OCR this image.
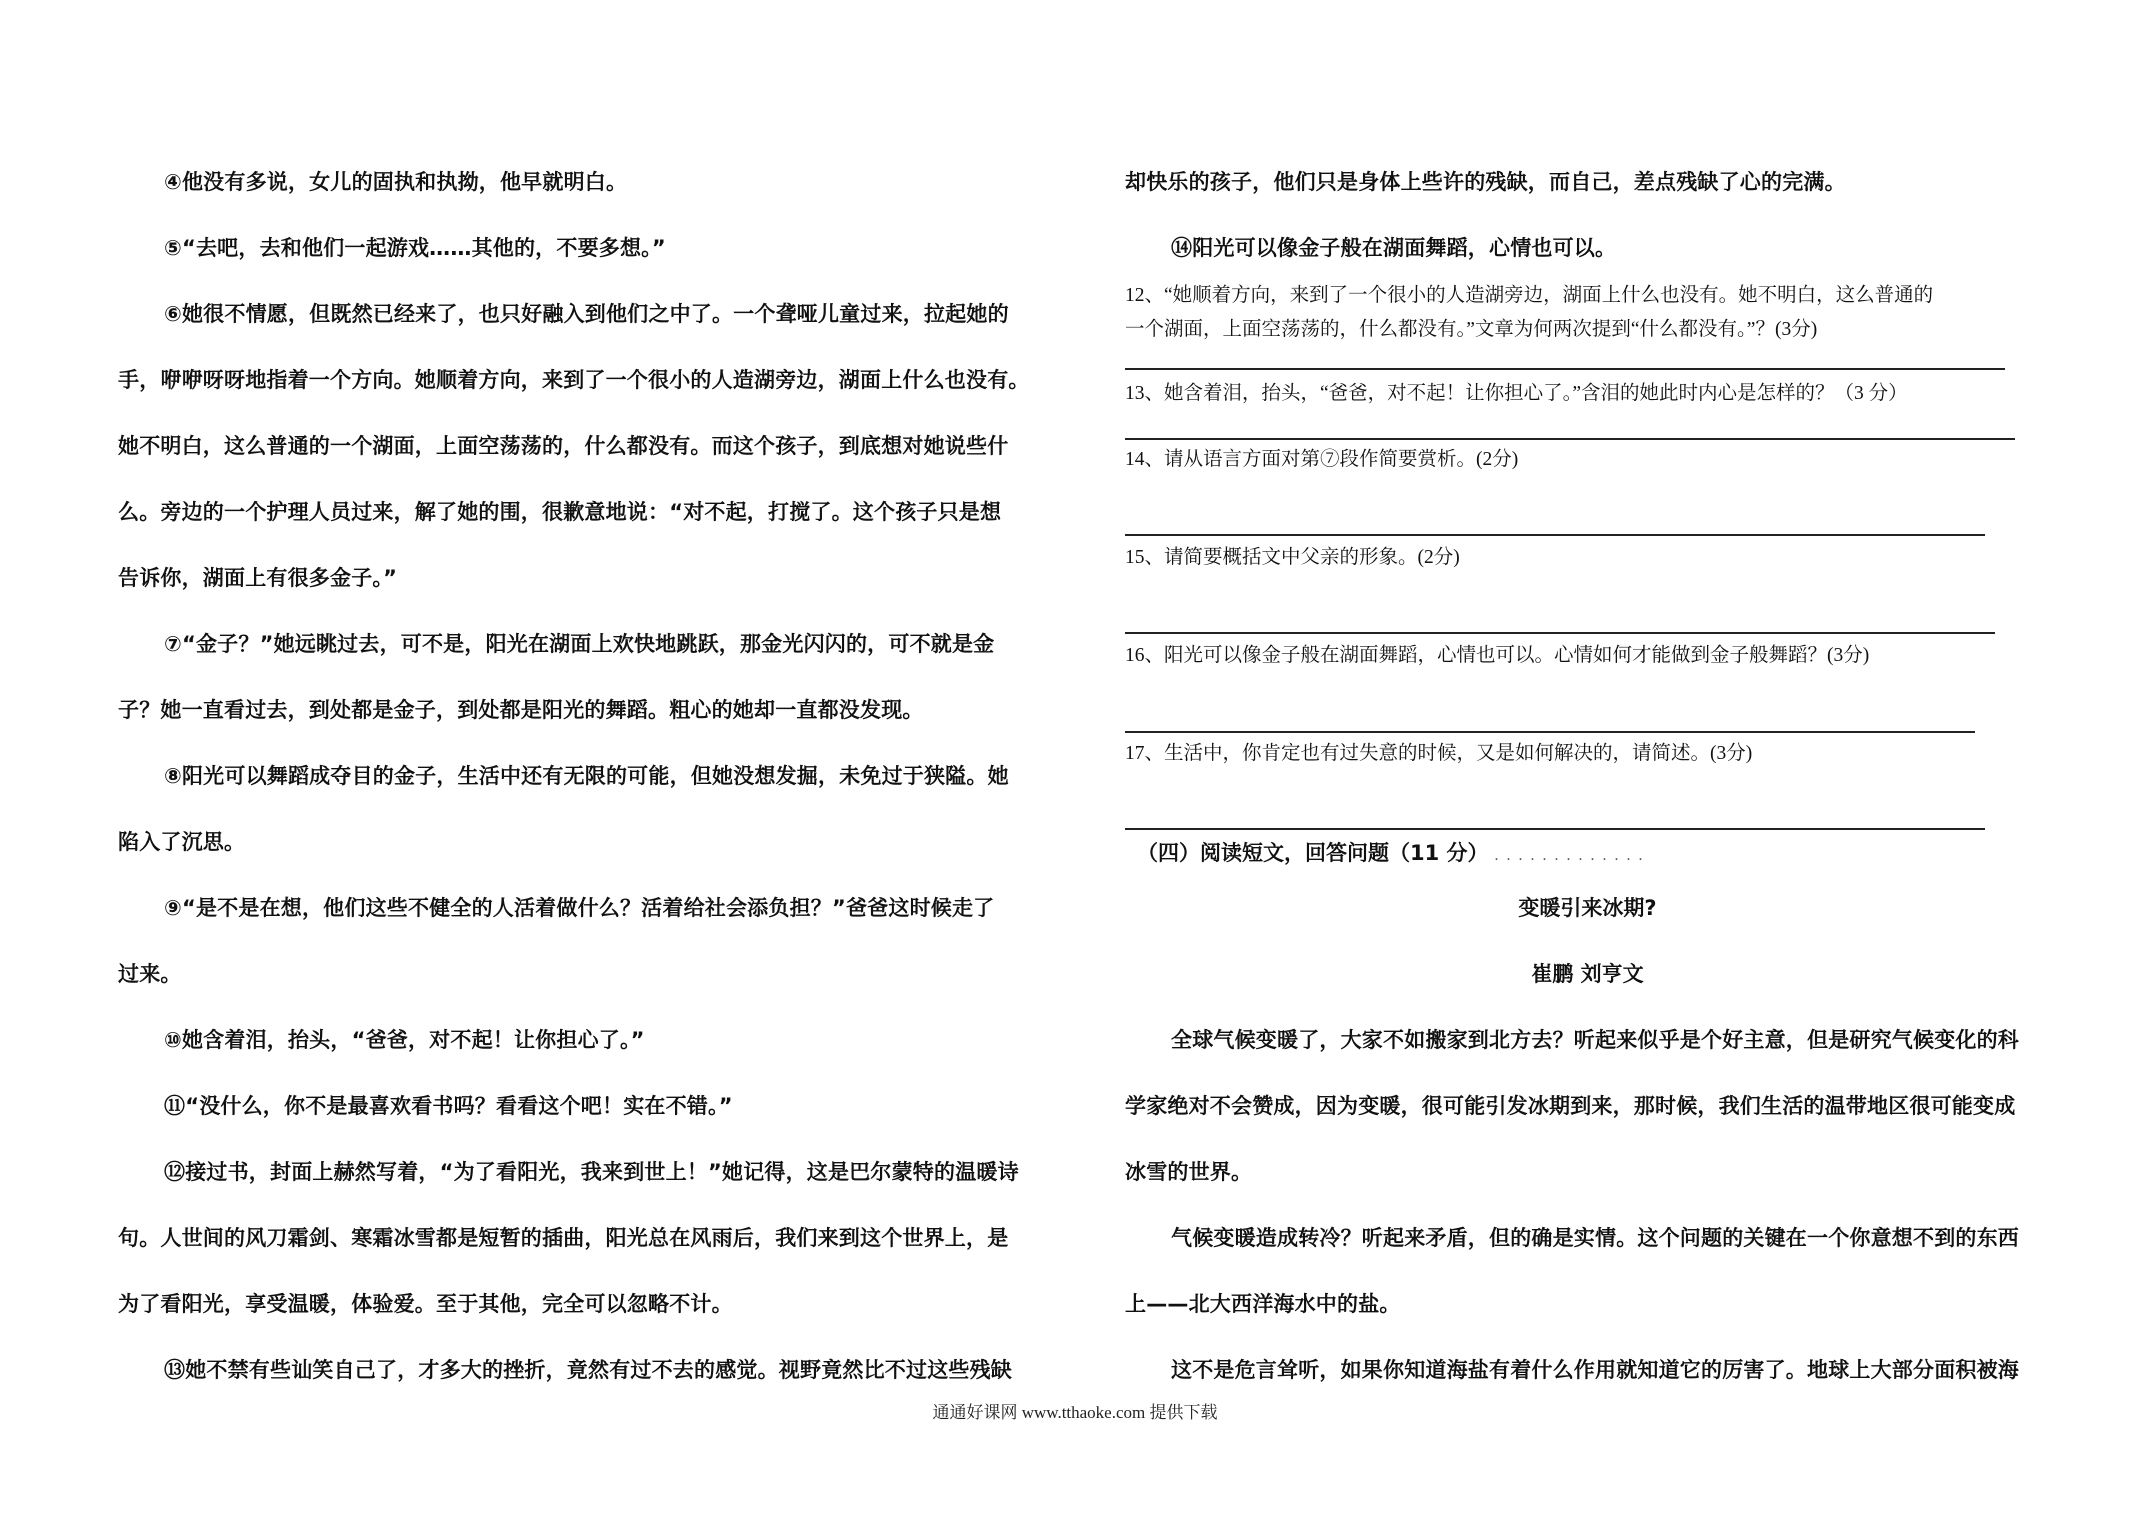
④他没有多说，女儿的固执和执拗，他早就明白。
⑤“去吧，去和他们一起游戏……其他的，不要多想。”
⑥她很不情愿，但既然已经来了，也只好融入到他们之中了。一个聋哑儿童过来，拉起她的
手，咿咿呀呀地指着一个方向。她顺着方向，来到了一个很小的人造湖旁边，湖面上什么也没有。
她不明白，这么普通的一个湖面，上面空荡荡的，什么都没有。而这个孩子，到底想对她说些什
么。旁边的一个护理人员过来，解了她的围，很歉意地说：“对不起，打搅了。这个孩子只是想
告诉你，湖面上有很多金子。”
⑦“金子？”她远眺过去，可不是，阳光在湖面上欢快地跳跃，那金光闪闪的，可不就是金
子？她一直看过去，到处都是金子，到处都是阳光的舞蹈。粗心的她却一直都没发现。
⑧阳光可以舞蹈成夺目的金子，生活中还有无限的可能，但她没想发掘，未免过于狭隘。她
陷入了沉思。
⑨“是不是在想，他们这些不健全的人活着做什么？活着给社会添负担？”爸爸这时候走了
过来。
⑩她含着泪，抬头，“爸爸，对不起！让你担心了。”
⑪“没什么，你不是最喜欢看书吗？看看这个吧！实在不错。”
⑫接过书，封面上赫然写着，“为了看阳光，我来到世上！”她记得，这是巴尔蒙特的温暖诗
句。人世间的风刀霜剑、寒霜冰雪都是短暂的插曲，阳光总在风雨后，我们来到这个世界上，是
为了看阳光，享受温暖，体验爱。至于其他，完全可以忽略不计。
⑬她不禁有些讪笑自己了，才多大的挫折，竟然有过不去的感觉。视野竟然比不过这些残缺
却快乐的孩子，他们只是身体上些许的残缺，而自己，差点残缺了心的完满。
⑭阳光可以像金子般在湖面舞蹈，心情也可以。
12、“她顺着方向，来到了一个很小的人造湖旁边，湖面上什么也没有。她不明白，这么普通的
一个湖面，上面空荡荡的，什么都没有。”文章为何两次提到“什么都没有。”？(3分)
13、她含着泪，抬头，“爸爸，对不起！让你担心了。”含泪的她此时内心是怎样的？（3 分）
14、请从语言方面对第⑦段作简要赏析。(2分)
15、请简要概括文中父亲的形象。(2分)
16、阳光可以像金子般在湖面舞蹈，心情也可以。心情如何才能做到金子般舞蹈？(3分)
17、生活中，你肯定也有过失意的时候，又是如何解决的，请简述。(3分)
（四）阅读短文，回答问题（11 分） . . . . . . . . . . . . .
变暖引来冰期?
崔鹏 刘亨文
全球气候变暖了，大家不如搬家到北方去？听起来似乎是个好主意，但是研究气候变化的科
学家绝对不会赞成，因为变暖，很可能引发冰期到来，那时候，我们生活的温带地区很可能变成
冰雪的世界。
气候变暖造成转冷？听起来矛盾，但的确是实情。这个问题的关键在一个你意想不到的东西
上——北大西洋海水中的盐。
这不是危言耸听，如果你知道海盐有着什么作用就知道它的厉害了。地球上大部分面积被海
通通好课网 www.tthaoke.com 提供下载
